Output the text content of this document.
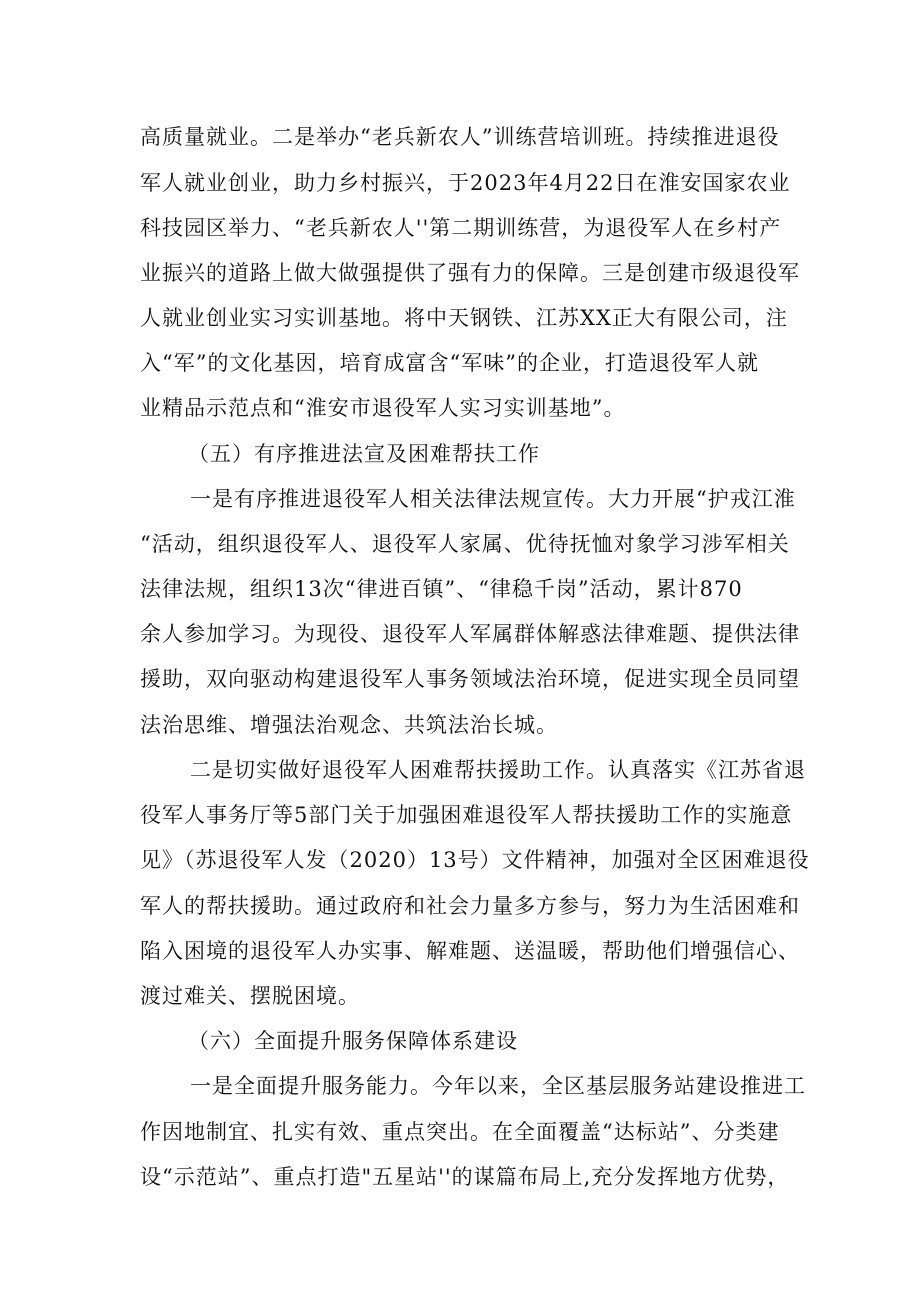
高质量就业。二是举办“老兵新农人”训练营培训班。持续推进退役
军人就业创业，助力乡村振兴，于2023年4月22日在淮安国家农业
科技园区举力、“老兵新农人''第二期训练营，为退役军人在乡村产
业振兴的道路上做大做强提供了强有力的保障。三是创建市级退役军
人就业创业实习实训基地。将中天钢铁、江苏XX正大有限公司，注
入“军”的文化基因，培育成富含“军味”的企业，打造退役军人就
业精品示范点和“淮安市退役军人实习实训基地”。
（五）有序推进法宣及困难帮扶工作
一是有序推进退役军人相关法律法规宣传。大力开展“护戎江淮
“活动，组织退役军人、退役军人家属、优待抚恤对象学习涉军相关
法律法规，组织13次“律进百镇”、“律稳千岗”活动，累计870
余人参加学习。为现役、退役军人军属群体解惑法律难题、提供法律
援助，双向驱动构建退役军人事务领域法治环境，促进实现全员同望
法治思维、增强法治观念、共筑法治长城。
二是切实做好退役军人困难帮扶援助工作。认真落实《江苏省退
役军人事务厅等5部门关于加强困难退役军人帮扶援助工作的实施意
见》（苏退役军人发（2020）13号）文件精神，加强对全区困难退役
军人的帮扶援助。通过政府和社会力量多方参与，努力为生活困难和
陷入困境的退役军人办实事、解难题、送温暖，帮助他们增强信心、
渡过难关、摆脱困境。
（六）全面提升服务保障体系建设
一是全面提升服务能力。今年以来，全区基层服务站建设推进工
作因地制宜、扎实有效、重点突出。在全面覆盖“达标站”、分类建
设“示范站”、重点打造"五星站''的谋篇布局上,充分发挥地方优势，
